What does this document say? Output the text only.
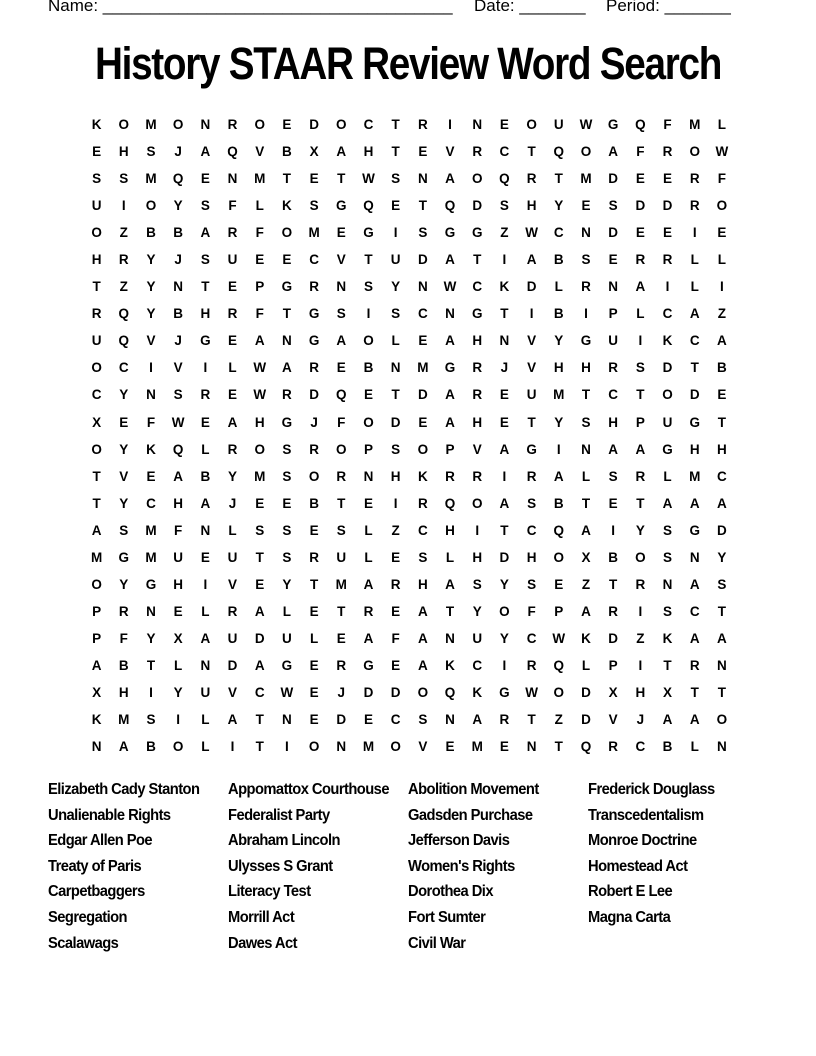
Name: _____________________________________ Date: _______ Period: _______
History STAAR Review Word Search
K	O	M	O	N	R	O	E	D	O	C	T	R	I	N	E	O	U	W	G	Q	F	M	L
E	H	S	J	A	Q	V	B	X	A	H	T	E	V	R	C	T	Q	O	A	F	R	O	W
S	S	M	Q	E	N	M	T	E	T	W	S	N	A	O	Q	R	T	M	D	E	E	R	F
U	I	O	Y	S	F	L	K	S	G	Q	E	T	Q	D	S	H	Y	E	S	D	D	R	O
O	Z	B	B	A	R	F	O	M	E	G	I	S	G	G	Z	W	C	N	D	E	E	I	E
H	R	Y	J	S	U	E	E	C	V	T	U	D	A	T	I	A	B	S	E	R	R	L	L
T	Z	Y	N	T	E	P	G	R	N	S	Y	N	W	C	K	D	L	R	N	A	I	L	I
R	Q	Y	B	H	R	F	T	G	S	I	S	C	N	G	T	I	B	I	P	L	C	A	Z
U	Q	V	J	G	E	A	N	G	A	O	L	E	A	H	N	V	Y	G	U	I	K	C	A
O	C	I	V	I	L	W	A	R	E	B	N	M	G	R	J	V	H	H	R	S	D	T	B
C	Y	N	S	R	E	W	R	D	Q	E	T	D	A	R	E	U	M	T	C	T	O	D	E
X	E	F	W	E	A	H	G	J	F	O	D	E	A	H	E	T	Y	S	H	P	U	G	T
O	Y	K	Q	L	R	O	S	R	O	P	S	O	P	V	A	G	I	N	A	A	G	H	H
T	V	E	A	B	Y	M	S	O	R	N	H	K	R	R	I	R	A	L	S	R	L	M	C
T	Y	C	H	A	J	E	E	B	T	E	I	R	Q	O	A	S	B	T	E	T	A	A	A
A	S	M	F	N	L	S	S	E	S	L	Z	C	H	I	T	C	Q	A	I	Y	S	G	D
M	G	M	U	E	U	T	S	R	U	L	E	S	L	H	D	H	O	X	B	O	S	N	Y
O	Y	G	H	I	V	E	Y	T	M	A	R	H	A	S	Y	S	E	Z	T	R	N	A	S
P	R	N	E	L	R	A	L	E	T	R	E	A	T	Y	O	F	P	A	R	I	S	C	T
P	F	Y	X	A	U	D	U	L	E	A	F	A	N	U	Y	C	W	K	D	Z	K	A	A
A	B	T	L	N	D	A	G	E	R	G	E	A	K	C	I	R	Q	L	P	I	T	R	N
X	H	I	Y	U	V	C	W	E	J	D	D	O	Q	K	G	W	O	D	X	H	X	T	T
K	M	S	I	L	A	T	N	E	D	E	C	S	N	A	R	T	Z	D	V	J	A	A	O
N	A	B	O	L	I	T	I	O	N	M	O	V	E	M	E	N	T	Q	R	C	B	L	N
Elizabeth Cady Stanton
Unalienable Rights
Edgar Allen Poe
Treaty of Paris
Carpetbaggers
Segregation
Scalawags
Appomattox Courthouse
Federalist Party
Abraham Lincoln
Ulysses S Grant
Literacy Test
Morrill Act
Dawes Act
Abolition Movement
Gadsden Purchase
Jefferson Davis
Women's Rights
Dorothea Dix
Fort Sumter
Civil War
Frederick Douglass
Transcedentalism
Monroe Doctrine
Homestead Act
Robert E Lee
Magna Carta
